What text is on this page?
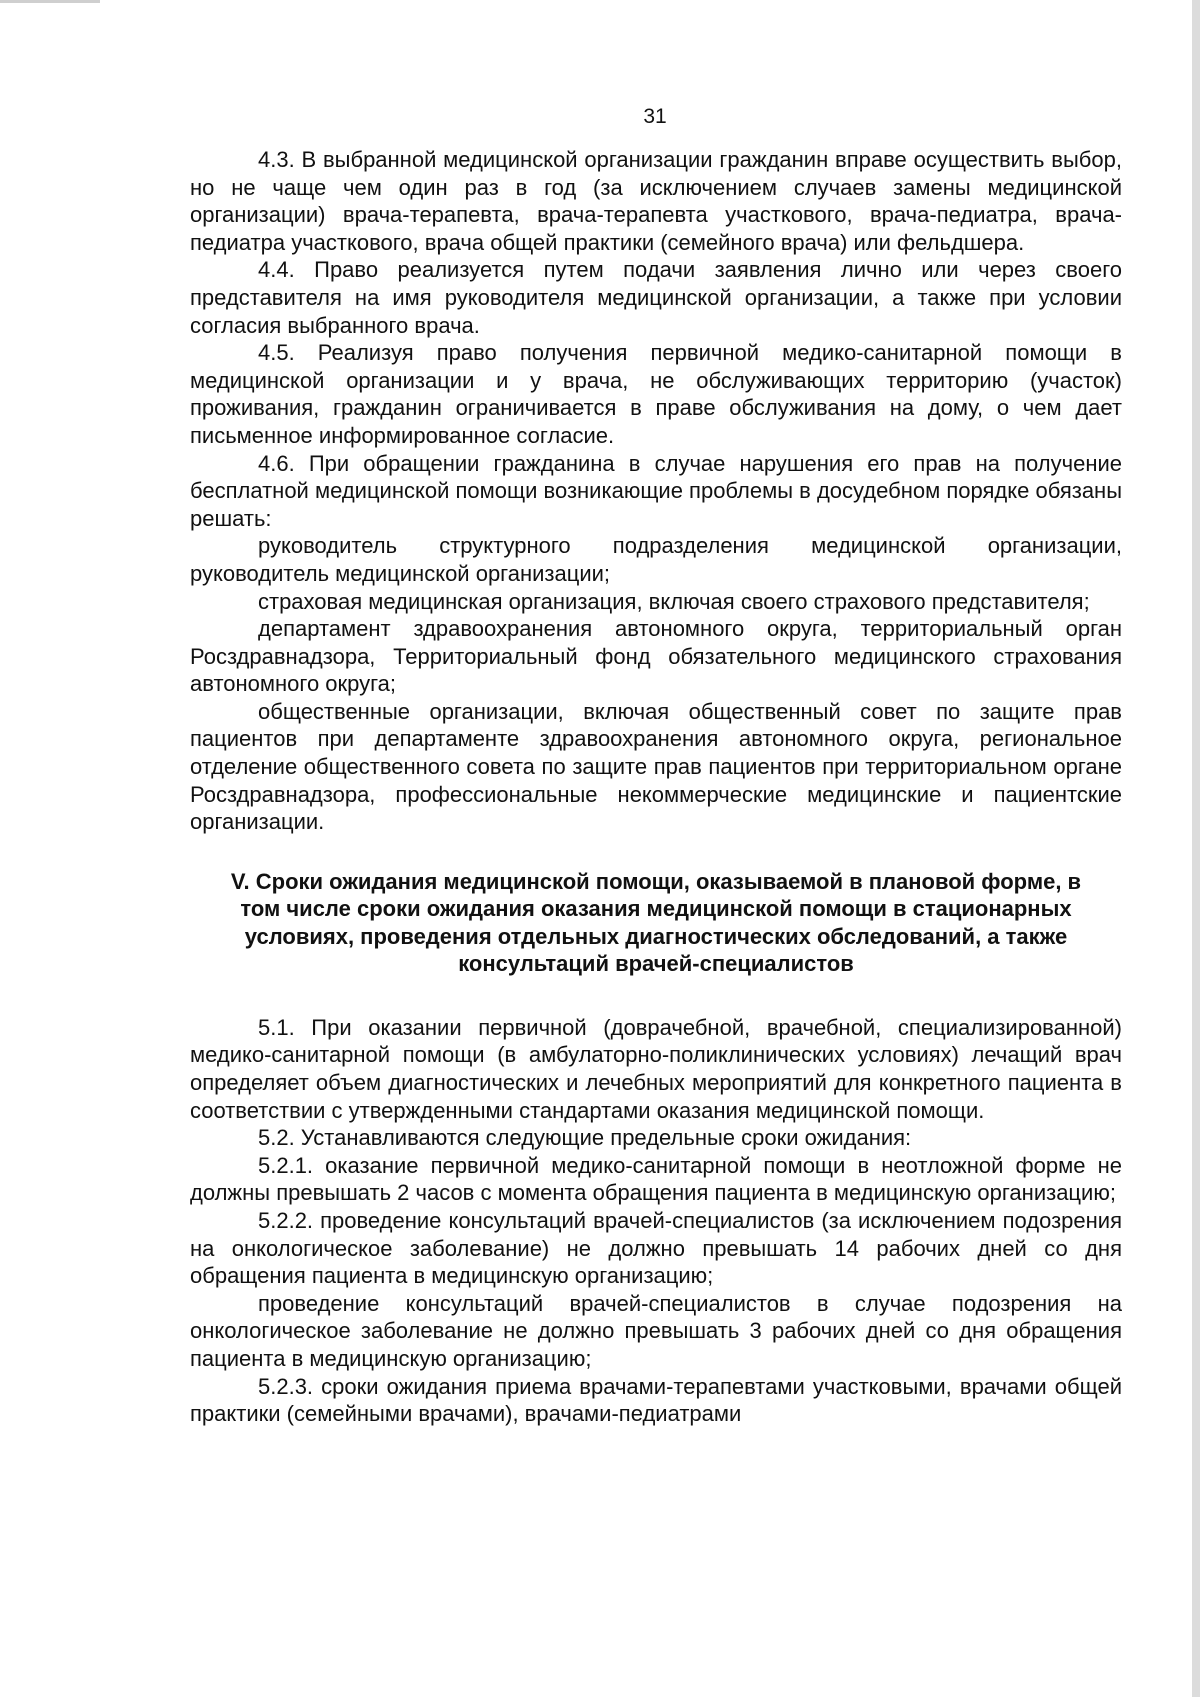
31

4.3. В выбранной медицинской организации гражданин вправе осуществить выбор, но не чаще чем один раз в год (за исключением случаев замены медицинской организации) врача-терапевта, врача-терапевта участкового, врача-педиатра, врача-педиатра участкового, врача общей практики (семейного врача) или фельдшера.

4.4. Право реализуется путем подачи заявления лично или через своего представителя на имя руководителя медицинской организации, а также при условии согласия выбранного врача.

4.5. Реализуя право получения первичной медико-санитарной помощи в медицинской организации и у врача, не обслуживающих территорию (участок) проживания, гражданин ограничивается в праве обслуживания на дому, о чем дает письменное информированное согласие.

4.6. При обращении гражданина в случае нарушения его прав на получение бесплатной медицинской помощи возникающие проблемы в досудебном порядке обязаны решать:

руководитель структурного подразделения медицинской организации, руководитель медицинской организации;

страховая медицинская организация, включая своего страхового представителя;

департамент здравоохранения автономного округа, территориальный орган Росздравнадзора, Территориальный фонд обязательного медицинского страхования автономного округа;

общественные организации, включая общественный совет по защите прав пациентов при департаменте здравоохранения автономного округа, региональное отделение общественного совета по защите прав пациентов при территориальном органе Росздравнадзора, профессиональные некоммерческие медицинские и пациентские организации.

V. Сроки ожидания медицинской помощи, оказываемой в плановой форме, в том числе сроки ожидания оказания медицинской помощи в стационарных условиях, проведения отдельных диагностических обследований, а также консультаций врачей-специалистов

5.1. При оказании первичной (доврачебной, врачебной, специализированной) медико-санитарной помощи (в амбулаторно-поликлинических условиях) лечащий врач определяет объем диагностических и лечебных мероприятий для конкретного пациента в соответствии с утвержденными стандартами оказания медицинской помощи.

5.2. Устанавливаются следующие предельные сроки ожидания:

5.2.1. оказание первичной медико-санитарной помощи в неотложной форме не должны превышать 2 часов с момента обращения пациента в медицинскую организацию;

5.2.2. проведение консультаций врачей-специалистов (за исключением подозрения на онкологическое заболевание) не должно превышать 14 рабочих дней со дня обращения пациента в медицинскую организацию;

проведение консультаций врачей-специалистов в случае подозрения на онкологическое заболевание не должно превышать 3 рабочих дней со дня обращения пациента в медицинскую организацию;

5.2.3. сроки ожидания приема врачами-терапевтами участковыми, врачами общей практики (семейными врачами), врачами-педиатрами
